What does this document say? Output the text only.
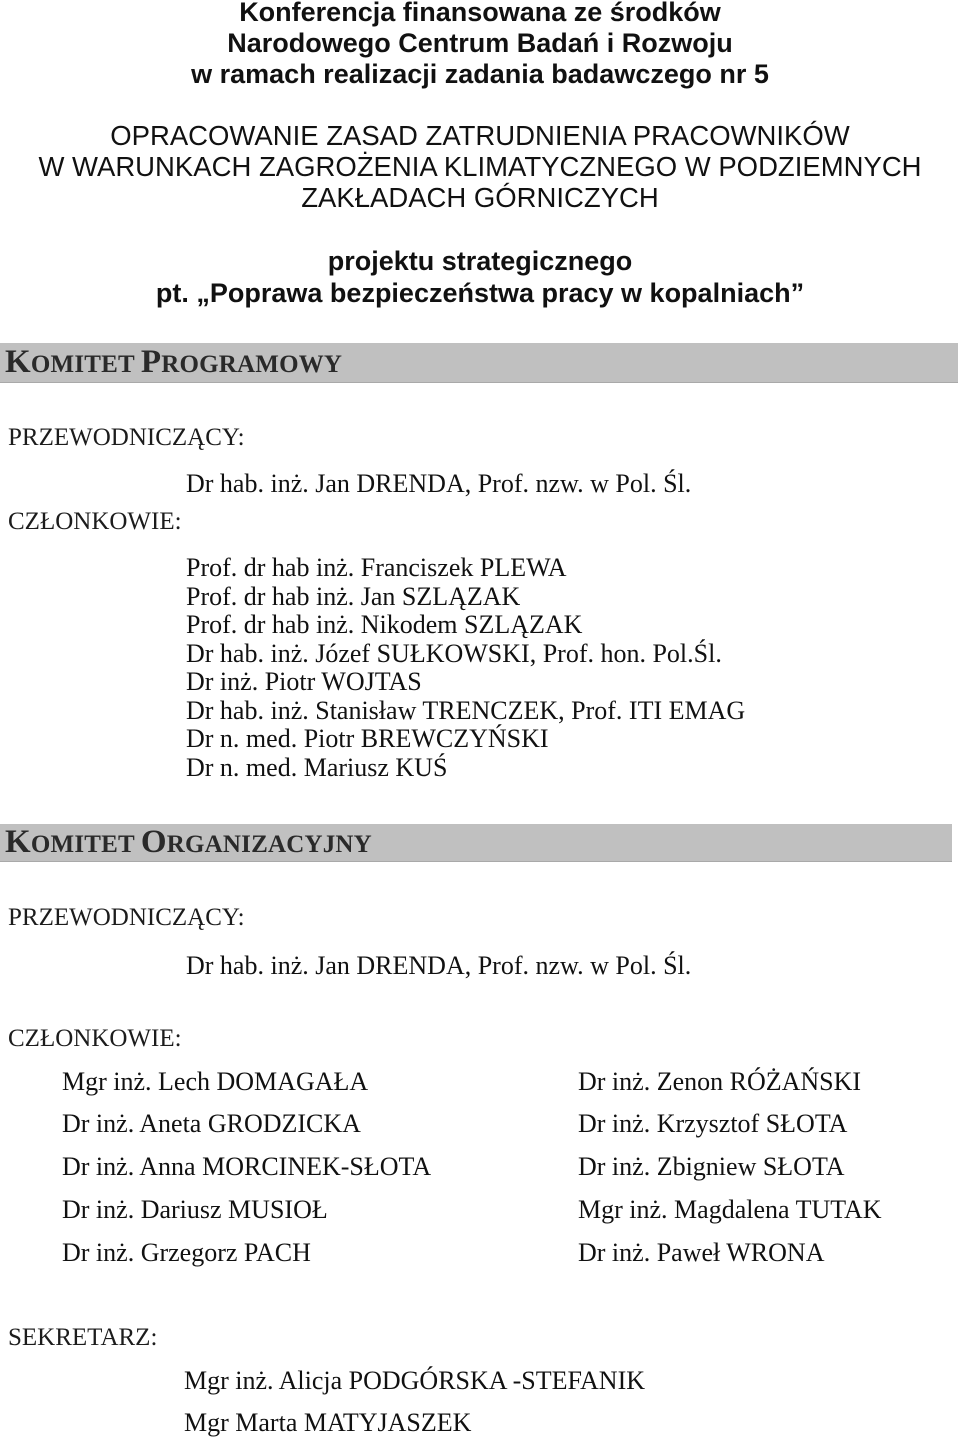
Konferencja finansowana ze środków
Narodowego Centrum Badań i Rozwoju
w ramach realizacji zadania badawczego nr 5
OPRACOWANIE ZASAD ZATRUDNIENIA PRACOWNIKÓW
W WARUNKACH ZAGROŻENIA KLIMATYCZNEGO W PODZIEMNYCH
ZAKŁADACH GÓRNICZYCH
projektu strategicznego
pt. „Poprawa bezpieczeństwa pracy w kopalniach”
KOMITET PROGRAMOWY
PRZEWODNICZĄCY:
Dr hab. inż. Jan DRENDA, Prof. nzw. w Pol. Śl.
CZŁONKOWIE:
Prof. dr hab inż. Franciszek PLEWA
Prof. dr hab inż. Jan SZLĄZAK
Prof. dr hab inż. Nikodem SZLĄZAK
Dr hab. inż. Józef SUŁKOWSKI, Prof. hon. Pol.Śl.
Dr inż. Piotr WOJTAS
Dr hab. inż. Stanisław TRENCZEK, Prof. ITI EMAG
Dr n. med. Piotr BREWCZYŃSKI
Dr n. med. Mariusz KUŚ
KOMITET ORGANIZACYJNY
PRZEWODNICZĄCY:
Dr hab. inż. Jan DRENDA, Prof. nzw. w Pol. Śl.
CZŁONKOWIE:
Mgr inż. Lech DOMAGAŁA
Dr inż. Aneta GRODZICKA
Dr inż. Anna MORCINEK-SŁOTA
Dr inż. Dariusz MUSIOŁ
Dr inż. Grzegorz PACH
Dr inż. Zenon RÓŻAŃSKI
Dr inż. Krzysztof SŁOTA
Dr inż. Zbigniew SŁOTA
Mgr inż. Magdalena TUTAK
Dr inż. Paweł WRONA
SEKRETARZ:
Mgr inż. Alicja PODGÓRSKA -STEFANIK
Mgr Marta MATYJASZEK
